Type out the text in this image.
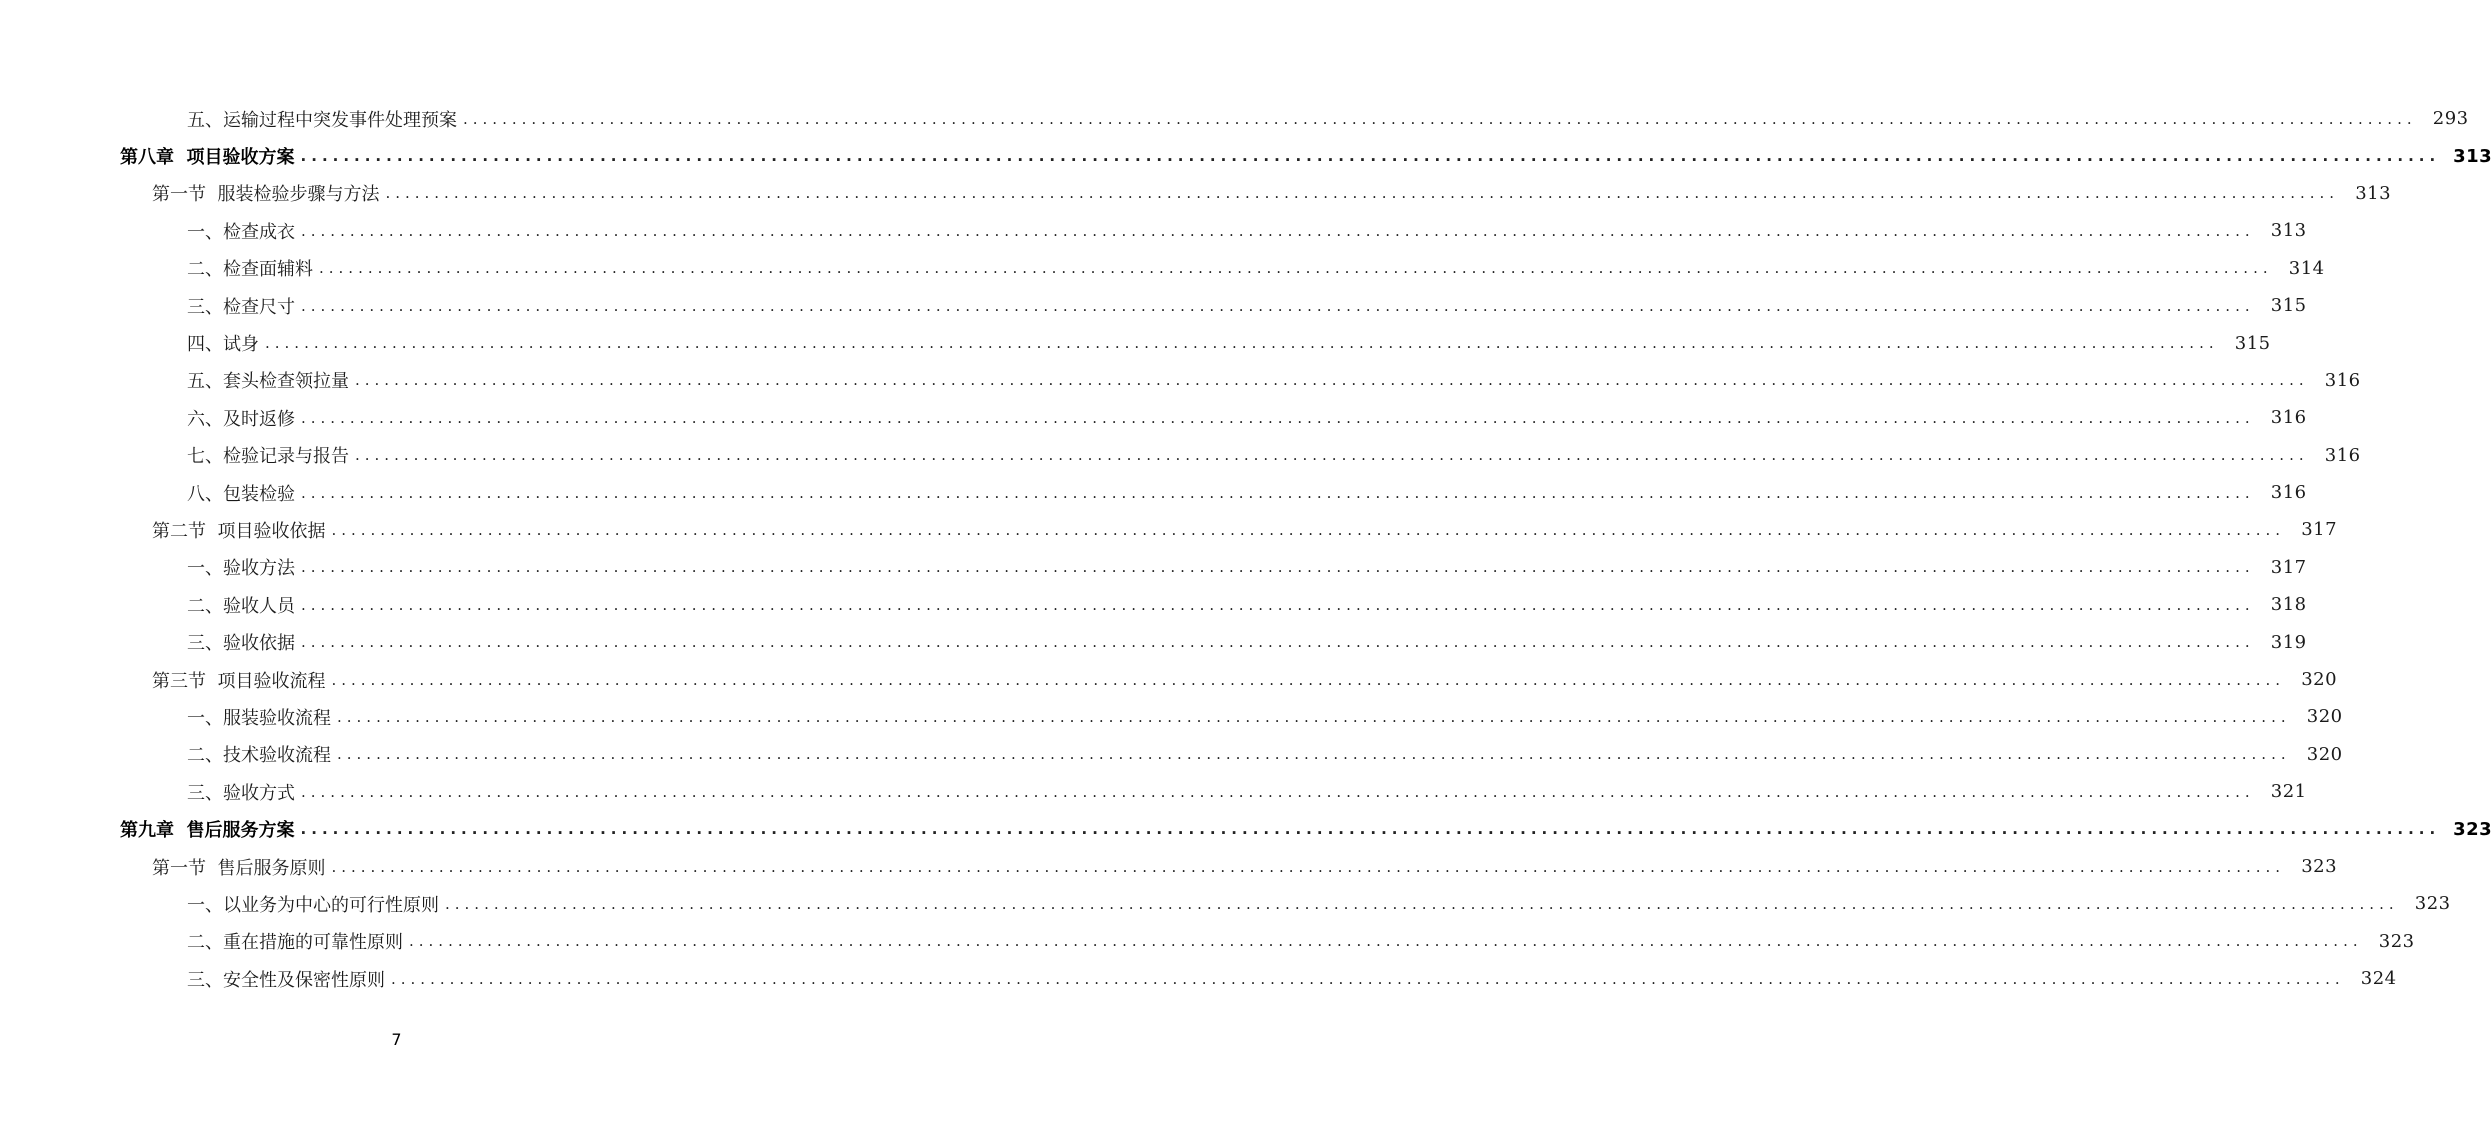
五、运输过程中突发事件处理预案 ........................................................................................................................................................................................................ 293
第八章  项目验收方案 ........................................................................................................................................................................................................ 313
第一节  服装检验步骤与方法 ........................................................................................................................................................................................................ 313
一、检查成衣 ........................................................................................................................................................................................................ 313
二、检查面辅料 ........................................................................................................................................................................................................ 314
三、检查尺寸 ........................................................................................................................................................................................................ 315
四、试身 ........................................................................................................................................................................................................ 315
五、套头检查领拉量 ........................................................................................................................................................................................................ 316
六、及时返修 ........................................................................................................................................................................................................ 316
七、检验记录与报告 ........................................................................................................................................................................................................ 316
八、包装检验 ........................................................................................................................................................................................................ 316
第二节  项目验收依据 ........................................................................................................................................................................................................ 317
一、验收方法 ........................................................................................................................................................................................................ 317
二、验收人员 ........................................................................................................................................................................................................ 318
三、验收依据 ........................................................................................................................................................................................................ 319
第三节  项目验收流程 ........................................................................................................................................................................................................ 320
一、服装验收流程 ........................................................................................................................................................................................................ 320
二、技术验收流程 ........................................................................................................................................................................................................ 320
三、验收方式 ........................................................................................................................................................................................................ 321
第九章  售后服务方案 ........................................................................................................................................................................................................ 323
第一节  售后服务原则 ........................................................................................................................................................................................................ 323
一、以业务为中心的可行性原则 ........................................................................................................................................................................................................ 323
二、重在措施的可靠性原则 ........................................................................................................................................................................................................ 323
三、安全性及保密性原则 ........................................................................................................................................................................................................ 324
7
